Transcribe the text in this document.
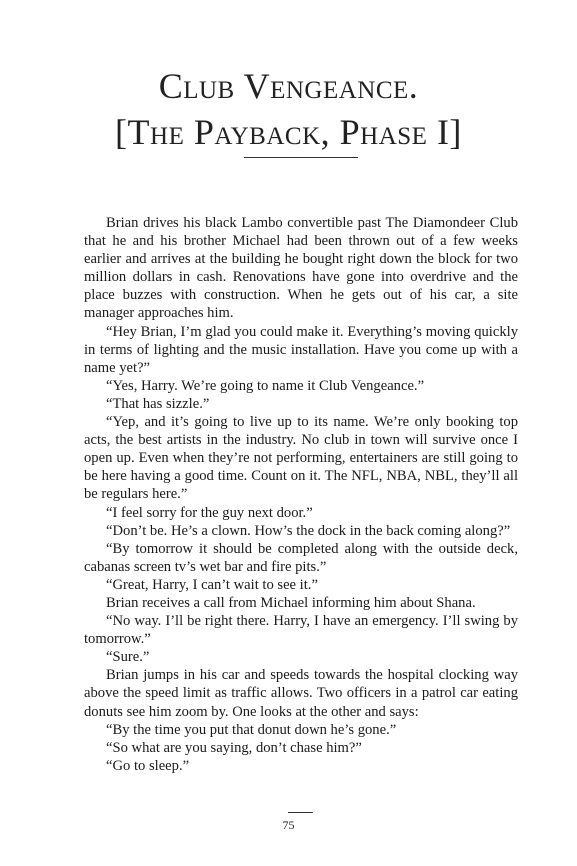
Club Vengeance.
[The Payback, Phase I]

Brian drives his black Lambo convertible past The Diamondeer Club that he and his brother Michael had been thrown out of a few weeks earlier and arrives at the building he bought right down the block for two million dollars in cash. Renovations have gone into overdrive and the place buzzes with construction. When he gets out of his car, a site manager approaches him.

“Hey Brian, I’m glad you could make it. Everything’s moving quickly in terms of lighting and the music installation. Have you come up with a name yet?”

“Yes, Harry. We’re going to name it Club Vengeance.”

“That has sizzle.”

“Yep, and it’s going to live up to its name. We’re only booking top acts, the best artists in the industry. No club in town will survive once I open up. Even when they’re not performing, entertainers are still going to be here having a good time. Count on it. The NFL, NBA, NBL, they’ll all be regulars here.”

“I feel sorry for the guy next door.”

“Don’t be. He’s a clown. How’s the dock in the back coming along?”

“By tomorrow it should be completed along with the outside deck, cabanas screen tv’s wet bar and fire pits.”

“Great, Harry, I can’t wait to see it.”

Brian receives a call from Michael informing him about Shana.

“No way. I’ll be right there. Harry, I have an emergency. I’ll swing by tomorrow.”

“Sure.”

Brian jumps in his car and speeds towards the hospital clocking way above the speed limit as traffic allows. Two officers in a patrol car eating donuts see him zoom by. One looks at the other and says:

“By the time you put that donut down he’s gone.”

“So what are you saying, don’t chase him?”

“Go to sleep.”

75
